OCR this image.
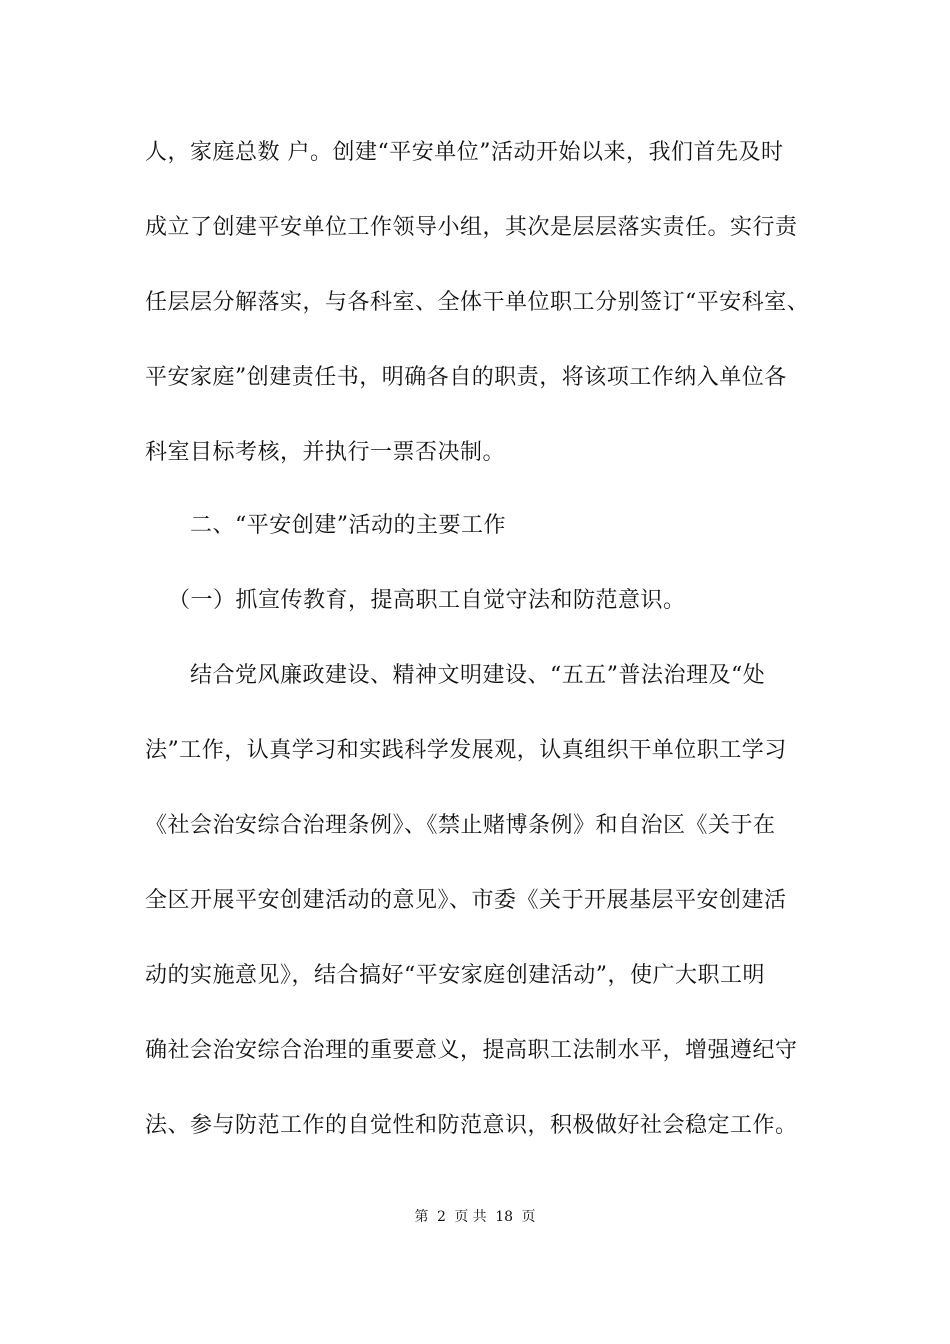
人，家庭总数 户。创建“平安单位”活动开始以来，我们首先及时
成立了创建平安单位工作领导小组，其次是层层落实责任。实行责
任层层分解落实，与各科室、全体干单位职工分别签订“平安科室、
平安家庭”创建责任书，明确各自的职责，将该项工作纳入单位各
科室目标考核，并执行一票否决制。
二、“平安创建”活动的主要工作
（一）抓宣传教育，提高职工自觉守法和防范意识。
结合党风廉政建设、精神文明建设、“五五”普法治理及“处
法”工作，认真学习和实践科学发展观，认真组织干单位职工学习
《社会治安综合治理条例》、《禁止赌博条例》和自治区《关于在
全区开展平安创建活动的意见》、市委《关于开展基层平安创建活
动的实施意见》，结合搞好“平安家庭创建活动”，使广大职工明
确社会治安综合治理的重要意义，提高职工法制水平，增强遵纪守
法、参与防范工作的自觉性和防范意识，积极做好社会稳定工作。
第 2 页 共 18 页
